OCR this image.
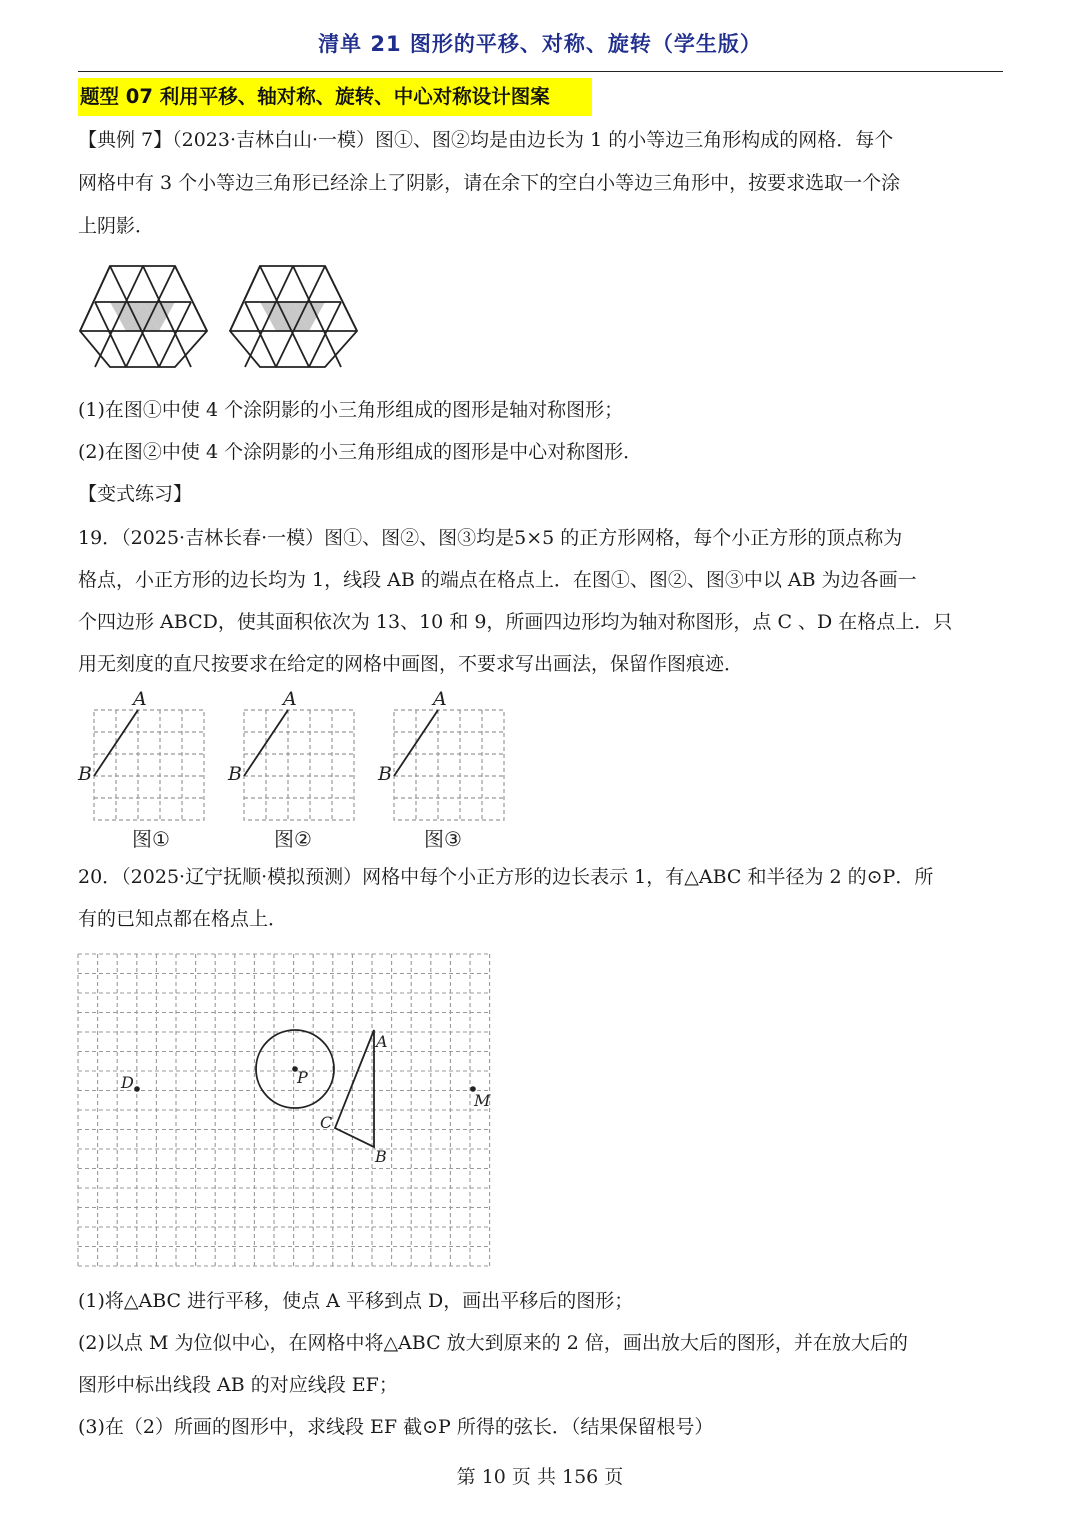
清单 21 图形的平移、对称、旋转（学生版）
题型 07 利用平移、轴对称、旋转、中心对称设计图案
【典例 7】（2023·吉林白山·一模）图①、图②均是由边长为 1 的小等边三角形构成的网格．每个
网格中有 3 个小等边三角形已经涂上了阴影，请在余下的空白小等边三角形中，按要求选取一个涂
上阴影．
(1)在图①中使 4 个涂阴影的小三角形组成的图形是轴对称图形；
(2)在图②中使 4 个涂阴影的小三角形组成的图形是中心对称图形．
【变式练习】
19．（2025·吉林长春·一模）图①、图②、图③均是5×5 的正方形网格，每个小正方形的顶点称为
格点，小正方形的边长均为 1，线段 AB 的端点在格点上．在图①、图②、图③中以 AB 为边各画一
个四边形 ABCD，使其面积依次为 13、10 和 9，所画四边形均为轴对称图形，点 C 、D 在格点上．只
用无刻度的直尺按要求在给定的网格中画图，不要求写出画法，保留作图痕迹．
A
B
图①
A
B
图②
A
B
图③
20．（2025·辽宁抚顺·模拟预测）网格中每个小正方形的边长表示 1，有△ABC 和半径为 2 的⊙P．所
有的已知点都在格点上．
A
B
C
D
M
P
(1)将△ABC 进行平移，使点 A 平移到点 D，画出平移后的图形；
(2)以点 M 为位似中心，在网格中将△ABC 放大到原来的 2 倍，画出放大后的图形，并在放大后的
图形中标出线段 AB 的对应线段 EF；
(3)在（2）所画的图形中，求线段 EF 截⊙P 所得的弦长．（结果保留根号）
第 10 页 共 156 页
